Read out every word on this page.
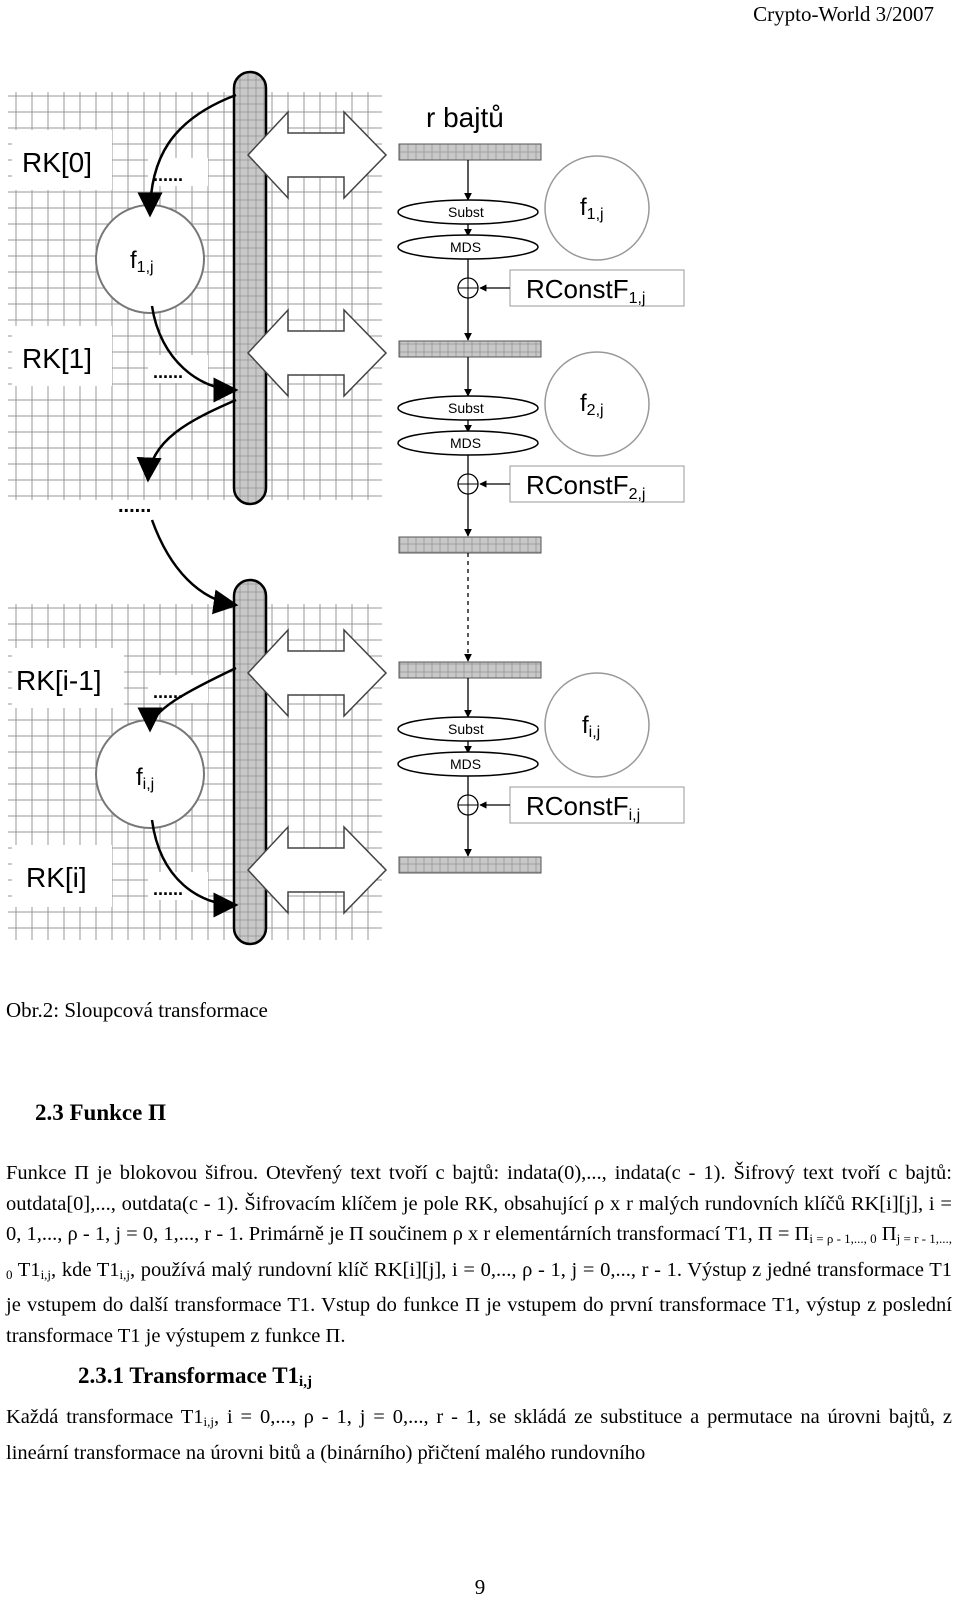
Crypto-World 3/2007
r bajtů
RK[0]
RK[1]
RK[i-1]
RK[i]
......
......
......
......
......
f1,j
fi,j
f1,j
f2,j
fi,j
Subst
MDS
Subst
MDS
Subst
MDS
RConstF1,j
RConstF2,j
RConstFi,j
Obr.2: Sloupcová transformace
2.3 Funkce Π

Funkce Π je blokovou šifrou. Otevřený text tvoří c bajtů: indata(0),..., indata(c - 1). Šifrový text tvoří c bajtů: outdata[0],..., outdata(c - 1). Šifrovacím klíčem je pole RK, obsahující ρ x r malých rundovních klíčů RK[i][j], i = 0, 1,..., ρ - 1, j = 0, 1,..., r - 1. Primárně je Π součinem ρ x r elementárních transformací T1, $\Pi = \Pi_{i = \rho - 1,..., 0}$ $\Pi_{j = r - 1,..., 0}$ $T1_{i,j}$, kde $T1_{i,j}$, používá malý rundovní klíč RK[i][j], i = 0,..., ρ - 1, j = 0,..., r - 1. Výstup z jedné transformace T1 je vstupem do další transformace T1. Vstup do funkce Π je vstupem do první transformace T1, výstup z poslední transformace T1 je výstupem z funkce Π.

2.3.1 Transformace $T1_{i,j}$

Každá transformace $T1_{i,j}$, i = 0,..., ρ - 1, j = 0,..., r - 1, se skládá ze substituce a permutace na úrovni bajtů, z lineární transformace na úrovni bitů a (binárního) přičtení malého rundovního

9
